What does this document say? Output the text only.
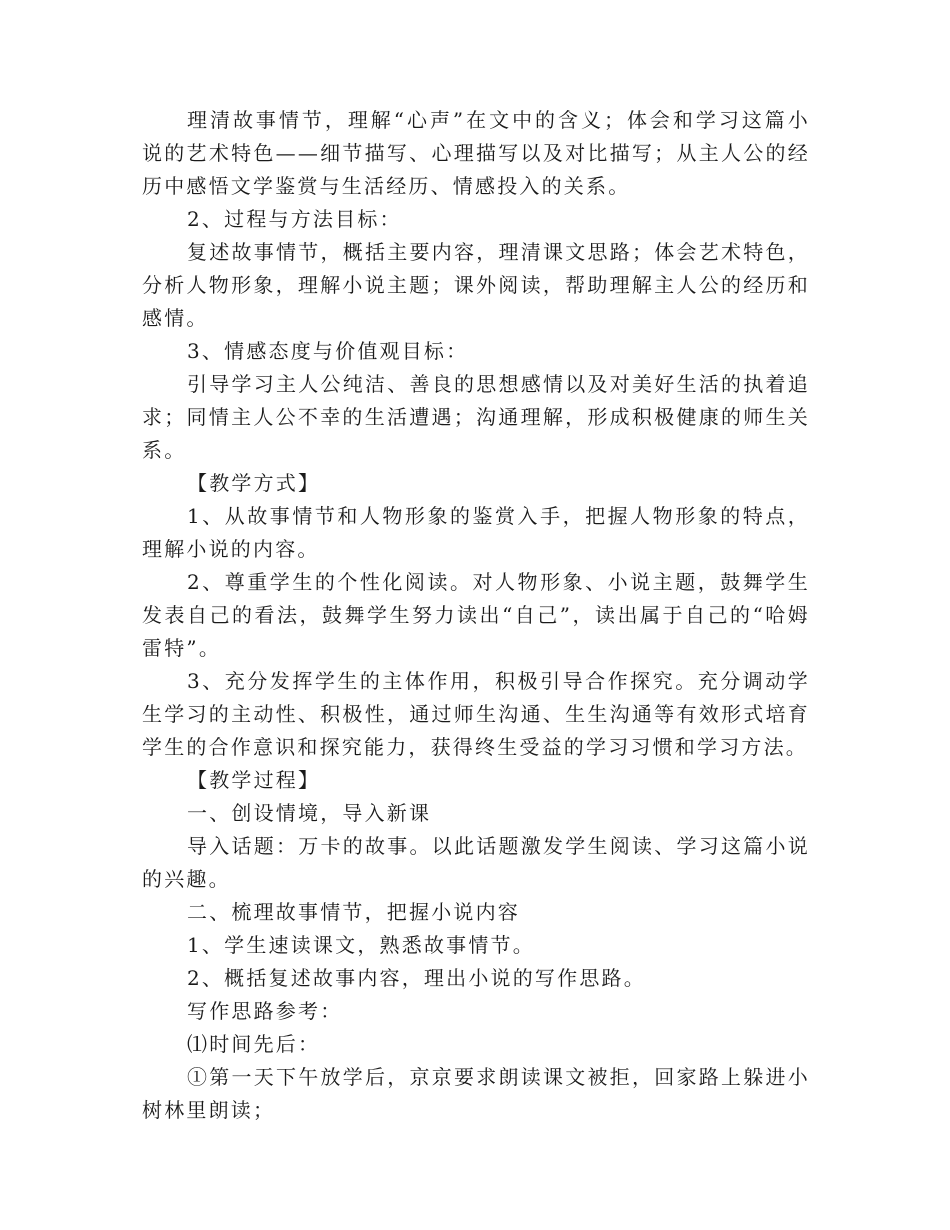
理清故事情节，理解“心声”在文中的含义；体会和学习这篇小说的艺术特色——细节描写、心理描写以及对比描写；从主人公的经历中感悟文学鉴赏与生活经历、情感投入的关系。

2、过程与方法目标：

复述故事情节，概括主要内容，理清课文思路；体会艺术特色，分析人物形象，理解小说主题；课外阅读，帮助理解主人公的经历和感情。

3、情感态度与价值观目标：

引导学习主人公纯洁、善良的思想感情以及对美好生活的执着追求；同情主人公不幸的生活遭遇；沟通理解，形成积极健康的师生关系。

【教学方式】

1、从故事情节和人物形象的鉴赏入手，把握人物形象的特点，理解小说的内容。

2、尊重学生的个性化阅读。对人物形象、小说主题，鼓舞学生发表自己的看法，鼓舞学生努力读出“自己”，读出属于自己的“哈姆雷特”。

3、充分发挥学生的主体作用，积极引导合作探究。充分调动学生学习的主动性、积极性，通过师生沟通、生生沟通等有效形式培育学生的合作意识和探究能力，获得终生受益的学习习惯和学习方法。

【教学过程】

一、创设情境，导入新课

导入话题：万卡的故事。以此话题激发学生阅读、学习这篇小说的兴趣。

二、梳理故事情节，把握小说内容

1、学生速读课文，熟悉故事情节。

2、概括复述故事内容，理出小说的写作思路。

写作思路参考：

⑴时间先后：

①第一天下午放学后，京京要求朗读课文被拒，回家路上躲进小树林里朗读；
